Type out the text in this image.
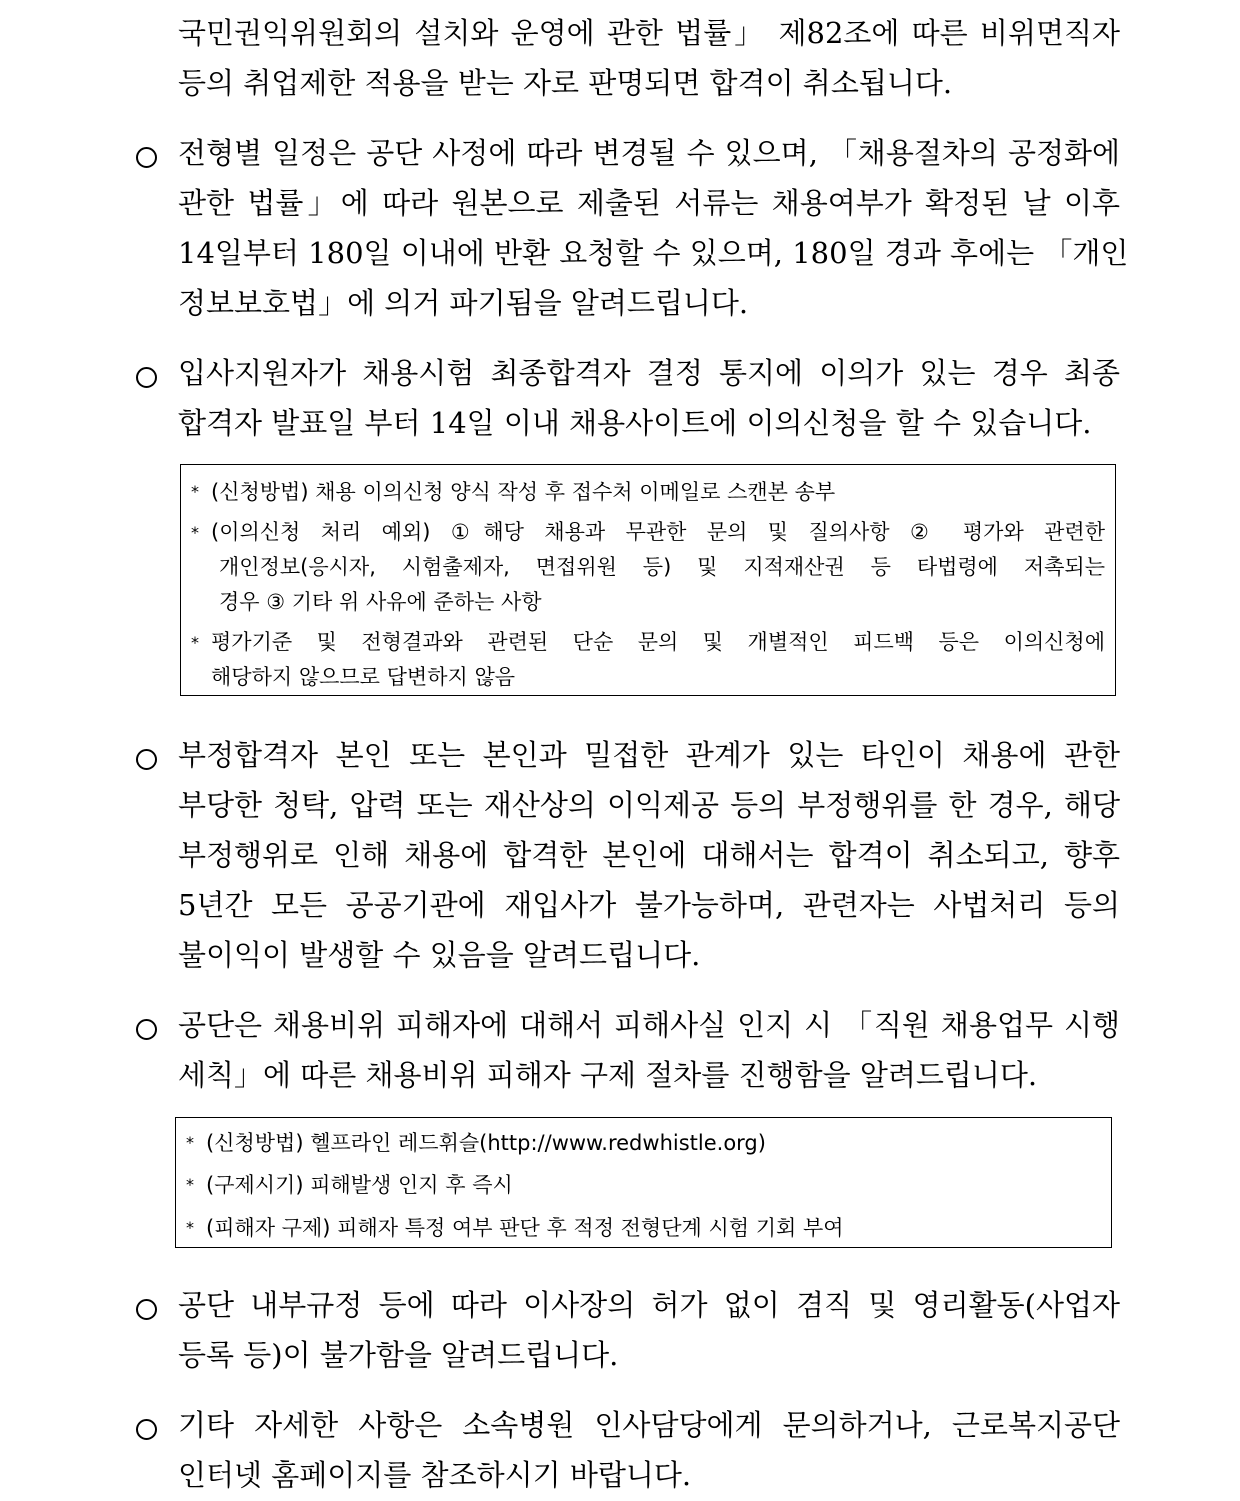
국민권익위원회의 설치와 운영에 관한 법률」 제82조에 따른 비위면직자
등의 취업제한 적용을 받는 자로 판명되면 합격이 취소됩니다.
전형별 일정은 공단 사정에 따라 변경될 수 있으며, 「채용절차의 공정화에
관한 법률」에 따라 원본으로 제출된 서류는 채용여부가 확정된 날 이후
14일부터 180일 이내에 반환 요청할 수 있으며, 180일 경과 후에는 「개인
정보보호법」에 의거 파기됨을 알려드립니다.
입사지원자가 채용시험 최종합격자 결정 통지에 이의가 있는 경우 최종
합격자 발표일 부터 14일 이내 채용사이트에 이의신청을 할 수 있습니다.
* (신청방법) 채용 이의신청 양식 작성 후 접수처 이메일로 스캔본 송부
* (이의신청 처리 예외) ①해당 채용과 무관한 문의 및 질의사항 ② 평가와 관련한
개인정보(응시자, 시험출제자, 면접위원 등) 및 지적재산권 등 타법령에 저촉되는
경우 ③ 기타 위 사유에 준하는 사항
* 평가기준 및 전형결과와 관련된 단순 문의 및 개별적인 피드백 등은 이의신청에
해당하지 않으므로 답변하지 않음
부정합격자 본인 또는 본인과 밀접한 관계가 있는 타인이 채용에 관한
부당한 청탁, 압력 또는 재산상의 이익제공 등의 부정행위를 한 경우, 해당
부정행위로 인해 채용에 합격한 본인에 대해서는 합격이 취소되고, 향후
5년간 모든 공공기관에 재입사가 불가능하며, 관련자는 사법처리 등의
불이익이 발생할 수 있음을 알려드립니다.
공단은 채용비위 피해자에 대해서 피해사실 인지 시 「직원 채용업무 시행
세칙」에 따른 채용비위 피해자 구제 절차를 진행함을 알려드립니다.
* (신청방법) 헬프라인 레드휘슬(http://www.redwhistle.org)
* (구제시기) 피해발생 인지 후 즉시
* (피해자 구제) 피해자 특정 여부 판단 후 적정 전형단계 시험 기회 부여
공단 내부규정 등에 따라 이사장의 허가 없이 겸직 및 영리활동(사업자
등록 등)이 불가함을 알려드립니다.
기타 자세한 사항은 소속병원 인사담당에게 문의하거나, 근로복지공단
인터넷 홈페이지를 참조하시기 바랍니다.
